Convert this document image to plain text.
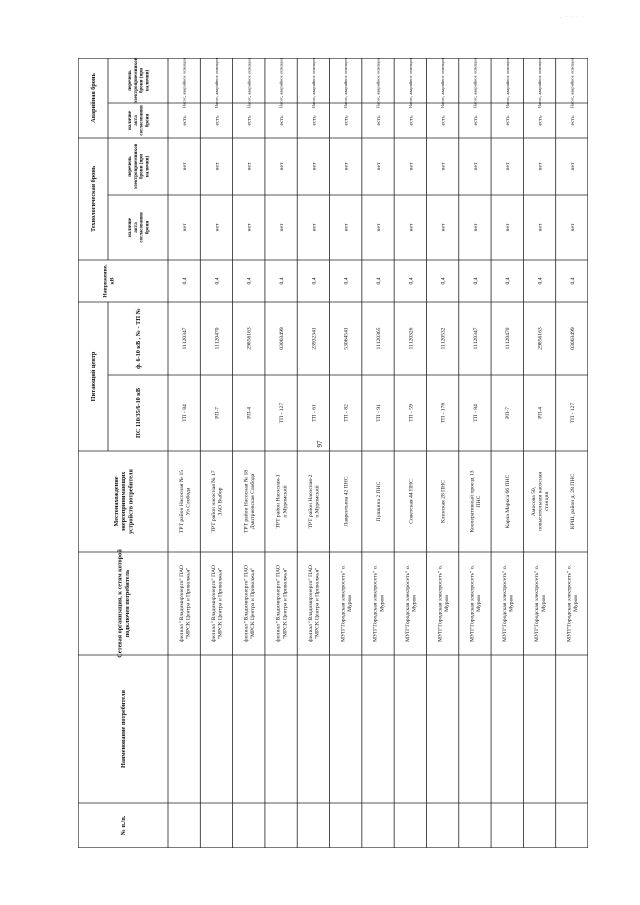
. · · · ·
97
№ п./п.
Наименование потребителя
Сетевая организация, к сетям которойподключен потребитель
Местонахождениеэнергопринимающихустройств потребителя
Питающий центр
ПС 110/35/6-10 кВ
ф. 6-10 кВ , № - ТП №
Напряжение,кВ
Технологическая бронь	наличиеактасогласованияброни
переченьэлектроприемниковброни (приналичии)
Аварийная бронь	наличиеактасогласованияброни
переченьэлектроприемниковброни (приналичии)
филиал "Владимирэнерго" ПАО"МРСК Центра и Приволжья"
ТРТ район Насосная № 15Ул Слобода
ТП - 84
11120347
0,4
нет
нет
есть
Насос, аварийное освещение.
филиал "Владимирэнерго" ПАО"МРСК Центра и Приволжья"
ТРТ район насосная № 17ЗАО Выбор
РП-7
11120470
0,4
нет
нет
есть
Насос, аварийное освещение.
филиал "Владимирэнерго" ПАО"МРСК Центра и Приволжья"
ТРТ район Насосная № 18Дмитриевская Слобода
РП-4
29856163
0,4
нет
нет
есть
Насос, аварийное освещение.
филиал "Владимирэнерго" ПАО"МРСК Центра и Приволжья"
ТРТ район Насосная-1п.Муромский
ТП - 127
03003499
0,4
нет
нет
есть
Насос, аварийное освещение.
филиал "Владимирэнерго" ПАО"МРСК Центра и Приволжья"
ТРТ район Насосная-2п.Муромский
ТП - 61
23932341
0,4
нет
нет
есть
Насос, аварийное освещение.
МУП"Городская электросеть" о.Муром
Лаврентьева 42 ПНС
ТП - 82
53064541
0,4
нет
нет
есть
Насос, аварийное освещение.
МУП"Городская электросеть" о.Муром
Пушкина 2 ПНС
ТП - 91
11120365
0,4
нет
нет
есть
Насос, аварийное освещение.
МУП"Городская электросеть" о.Муром
Советская 44 ПНС
ТП - 59
11120326
0,4
нет
нет
есть
Насос, аварийное освещение.
МУП"Городская электросеть" о.Муром
Клинская 28 ПНС
ТП - 176
11120532
0,4
нет
нет
есть
Насос, аварийное освещение.
МУП"Городская электросеть" о.Муром
Кооперативный проезд 13ПНС
ТП - 84
11120347
0,4
нет
нет
есть
Насос, аварийное освещение.
МУП"Городская электросеть" о.Муром
Карла Маркса 66 ПНС
РП-7
11120470
0,4
нет
нет
есть
Насос, аварийное освещение.
МУП"Городская электросеть" о.Муром
Амосова 50,повысительная насоснаястанция
РП-4
29856163
0,4
нет
нет
есть
Насос, аварийное освещение.
МУП"Городская электросеть" о.Муром
КРШ, район д. 28 ПНС
ТП - 127
03003499
0,4
нет
нет
есть
Насос, аварийное освещение.
